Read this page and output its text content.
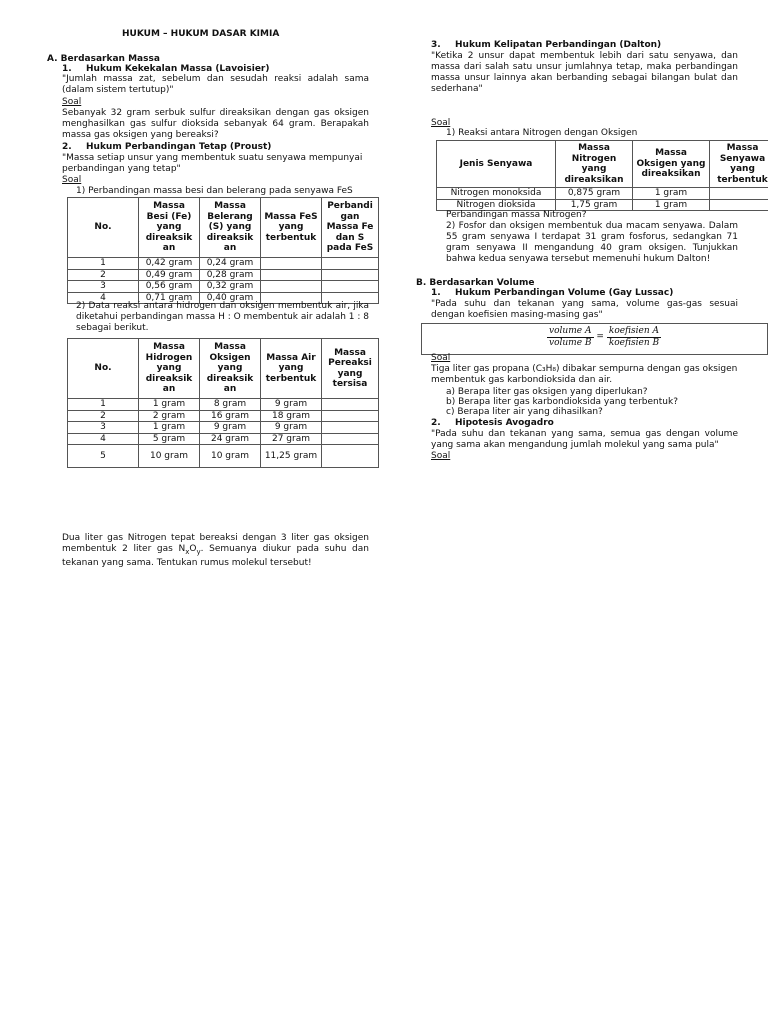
HUKUM – HUKUM DASAR KIMIA
A. Berdasarkan Massa
1. Hukum Kekekalan Massa (Lavoisier)
"Jumlah massa zat, sebelum dan sesudah reaksi adalah sama (dalam sistem tertutup)"
Soal
Sebanyak 32 gram serbuk sulfur direaksikan dengan gas oksigen menghasilkan gas sulfur dioksida sebanyak 64 gram. Berapakah massa gas oksigen yang bereaksi?
2. Hukum Perbandingan Tetap (Proust)
"Massa setiap unsur yang membentuk suatu senyawa mempunyai perbandingan yang tetap"
Soal
1) Perbandingan massa besi dan belerang pada senyawa FeS
No.	Massa Besi (Fe) yang direaksik an	Massa Belerang (S) yang direaksik an	Massa FeS yang terbentuk	Perbandi gan Massa Fe dan S pada FeS
1	0,42 gram	0,24 gram		
2	0,49 gram	0,28 gram		
3	0,56 gram	0,32 gram		
4	0,71 gram	0,40 gram		
2) Data reaksi antara hidrogen dan oksigen membentuk air, jika diketahui perbandingan massa H : O membentuk air adalah 1 : 8 sebagai berikut.
No.	Massa Hidrogen yang direaksik an	Massa Oksigen yang direaksik an	Massa Air yang terbentuk	Massa Pereaksi yang tersisa
1	1 gram	8 gram	9 gram	
2	2 gram	16 gram	18 gram	
3	1 gram	9 gram	9 gram	
4	5 gram	24 gram	27 gram	
5	10 gram	10 gram	11,25 gram	
Dua liter gas Nitrogen tepat bereaksi dengan 3 liter gas oksigen membentuk 2 liter gas $N_xO_y$. Semuanya diukur pada suhu dan tekanan yang sama. Tentukan rumus molekul tersebut!
3. Hukum Kelipatan Perbandingan (Dalton)
"Ketika 2 unsur dapat membentuk lebih dari satu senyawa, dan massa dari salah satu unsur jumlahnya tetap, maka perbandingan massa unsur lainnya akan berbanding sebagai bilangan bulat dan sederhana"
Soal
1) Reaksi antara Nitrogen dengan Oksigen
Jenis Senyawa	Massa Nitrogen yang direaksikan	Massa Oksigen yang direaksikan	Massa Senyawa yang terbentuk
Nitrogen monoksida	0,875 gram	1 gram	
Nitrogen dioksida	1,75 gram	1 gram	
Perbandingan massa Nitrogen?
2) Fosfor dan oksigen membentuk dua macam senyawa. Dalam 55 gram senyawa I terdapat 31 gram fosforus, sedangkan 71 gram senyawa II mengandung 40 gram oksigen. Tunjukkan bahwa kedua senyawa tersebut memenuhi hukum Dalton!
B. Berdasarkan Volume
1. Hukum Perbandingan Volume (Gay Lussac)
"Pada suhu dan tekanan yang sama, volume gas-gas sesuai dengan koefisien masing-masing gas"
$\frac{\text{volume A}}{\text{volume B}} = \frac{\text{koefisien A}}{\text{koefisien B}}$
Soal
Tiga liter gas propana (C₃H₈) dibakar sempurna dengan gas oksigen membentuk gas karbondioksida dan air.
a) Berapa liter gas oksigen yang diperlukan?
b) Berapa liter gas karbondioksida yang terbentuk?
c) Berapa liter air yang dihasilkan?
2. Hipotesis Avogadro
"Pada suhu dan tekanan yang sama, semua gas dengan volume yang sama akan mengandung jumlah molekul yang sama pula"
Soal
